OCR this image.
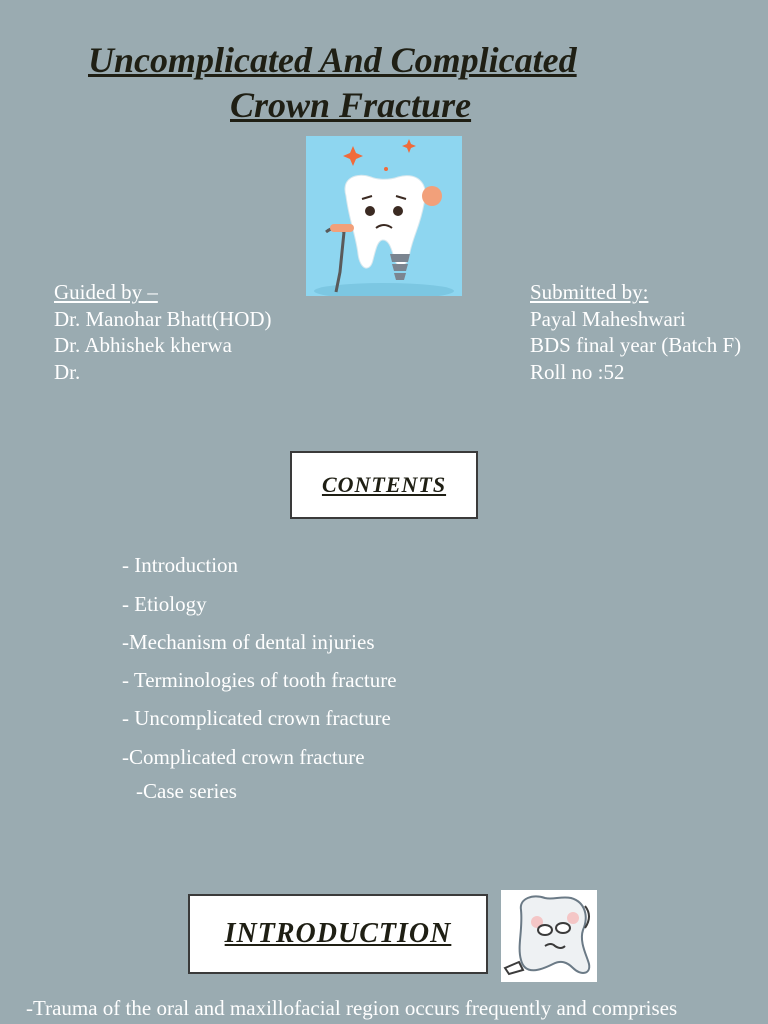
Uncomplicated And Complicated
Crown Fracture
Guided by –
Dr. Manohar Bhatt(HOD)
Dr. Abhishek kherwa
Dr.
Submitted by:
Payal Maheshwari
BDS final year (Batch F)
Roll no :52
CONTENTS
- Introduction
- Etiology
-Mechanism of dental injuries
- Terminologies of tooth fracture
- Uncomplicated crown fracture
-Complicated crown fracture
-Case series
INTRODUCTION
-Trauma of the oral and maxillofacial region occurs frequently and comprises
